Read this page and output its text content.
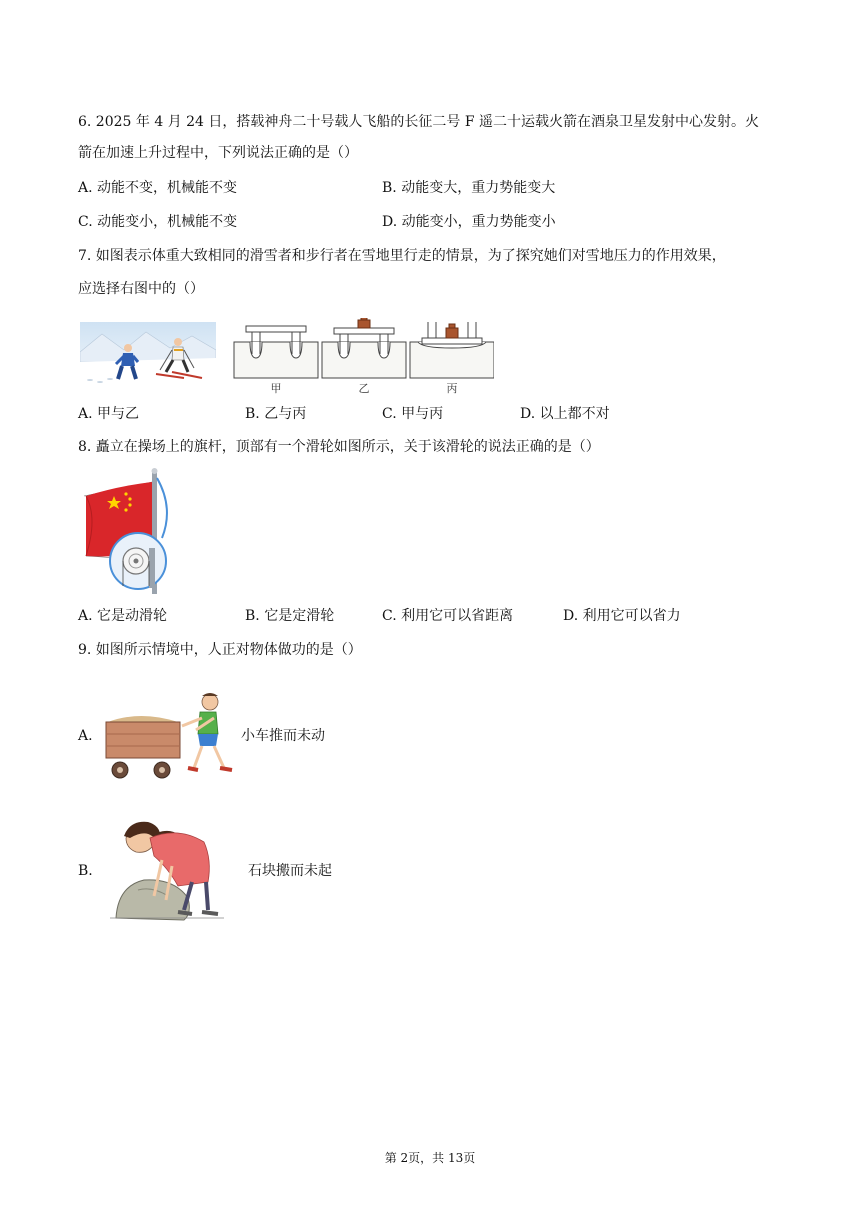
6. 2025 年 4 月 24 日，搭载神舟二十号载人飞船的长征二号 F 遥二十运载火箭在酒泉卫星发射中心发射。火
箭在加速上升过程中，下列说法正确的是（）
A. 动能不变，机械能不变	B. 动能变大，重力势能变大
C. 动能变小，机械能不变	D. 动能变小，重力势能变小
7. 如图表示体重大致相同的滑雪者和步行者在雪地里行走的情景，为了探究她们对雪地压力的作用效果，
应选择右图中的（）
甲	乙	丙
A. 甲与乙	B. 乙与丙	C. 甲与丙	D. 以上都不对
8. 矗立在操场上的旗杆，顶部有一个滑轮如图所示，关于该滑轮的说法正确的是（）
A. 它是动滑轮	B. 它是定滑轮	C. 利用它可以省距离	D. 利用它可以省力
9. 如图所示情境中，人正对物体做功的是（）
A.	小车推而未动
B.	石块搬而未起
第 2页，共 13页
